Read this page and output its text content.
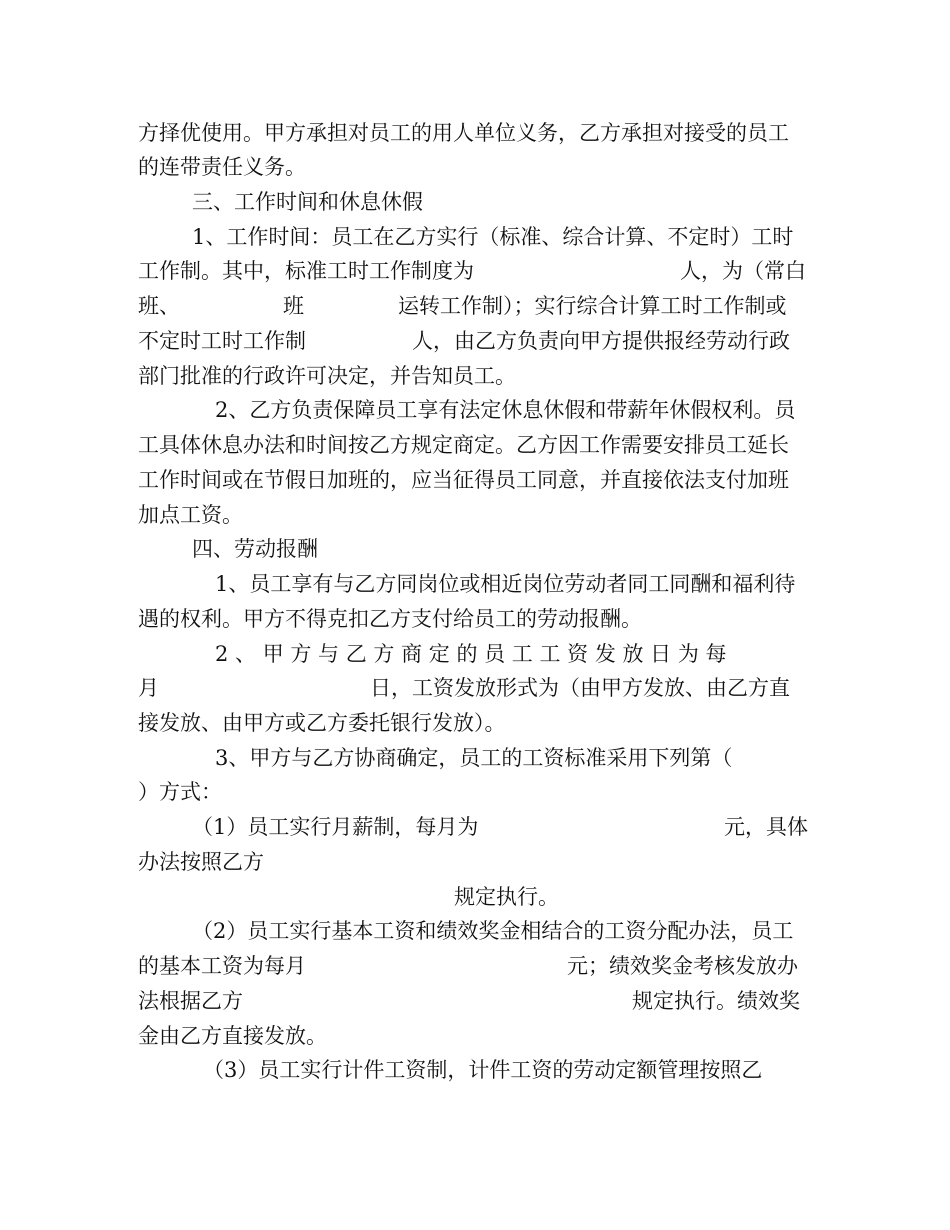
方择优使用。甲方承担对员工的用人单位义务，乙方承担对接受的员工
的连带责任义务。
三、工作时间和休息休假
1、工作时间：员工在乙方实行（标准、综合计算、不定时）工时
工作制。其中，标准工时工作制度为	人，为（常白
班、	班	运转工作制）；实行综合计算工时工作制或
不定时工时工作制	人，由乙方负责向甲方提供报经劳动行政
部门批准的行政许可决定，并告知员工。
2、乙方负责保障员工享有法定休息休假和带薪年休假权利。员
工具体休息办法和时间按乙方规定商定。乙方因工作需要安排员工延长
工作时间或在节假日加班的，应当征得员工同意，并直接依法支付加班
加点工资。
四、劳动报酬
1、员工享有与乙方同岗位或相近岗位劳动者同工同酬和福利待
遇的权利。甲方不得克扣乙方支付给员工的劳动报酬。
2 、 甲 方 与 乙 方 商 定 的 员 工 工 资 发 放 日 为 每
月	日，工资发放形式为（由甲方发放、由乙方直
接发放、由甲方或乙方委托银行发放）。
3、甲方与乙方协商确定，员工的工资标准采用下列第（
）方式：
（1）员工实行月薪制，每月为	元，具体
办法按照乙方
规定执行。
（2）员工实行基本工资和绩效奖金相结合的工资分配办法，员工
的基本工资为每月	元；绩效奖金考核发放办
法根据乙方	规定执行。绩效奖
金由乙方直接发放。
（3）员工实行计件工资制，计件工资的劳动定额管理按照乙
